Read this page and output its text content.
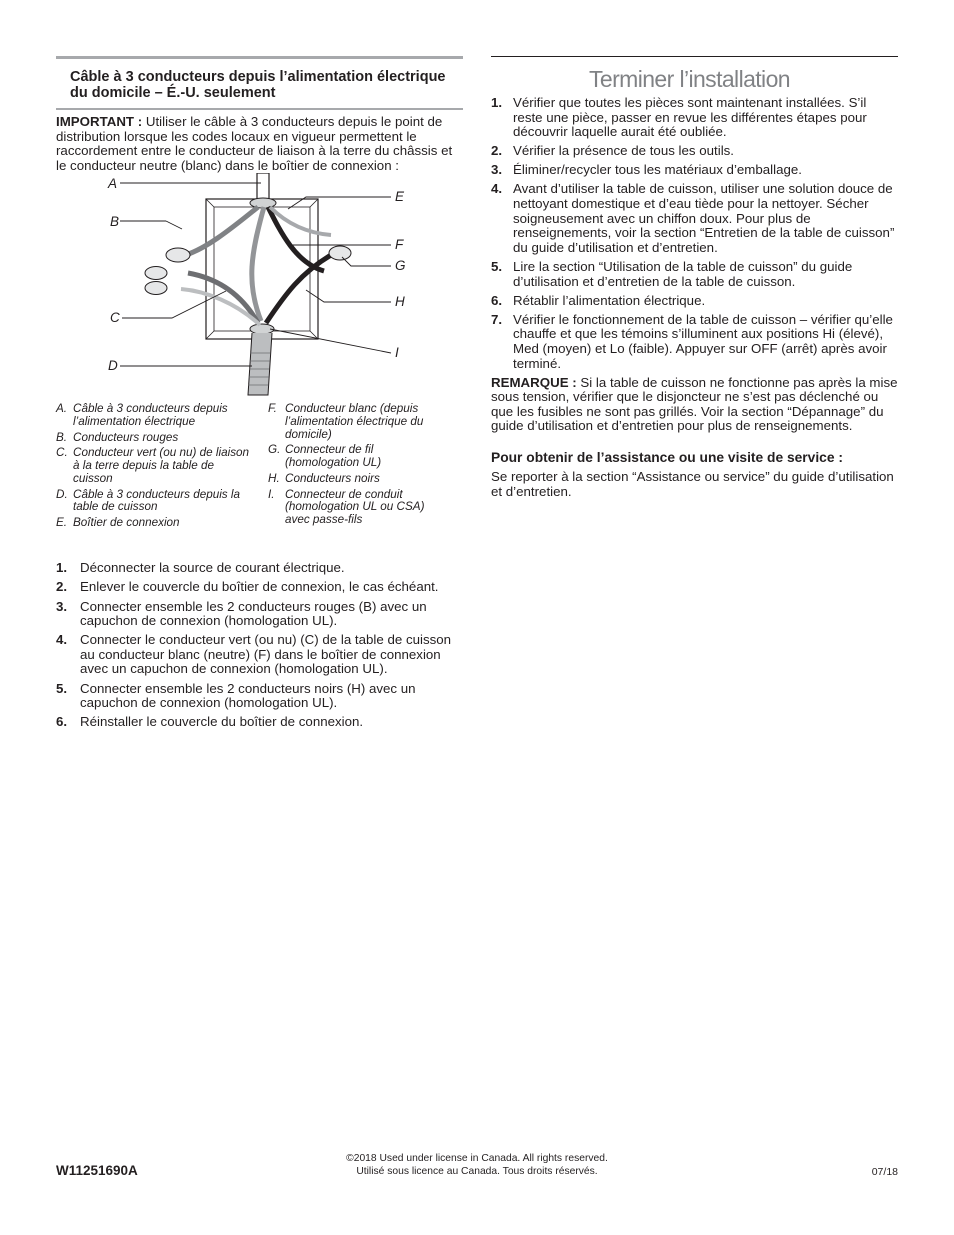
Câble à 3 conducteurs depuis l’alimentation électrique du domicile – É.-U. seulement
IMPORTANT : Utiliser le câble à 3 conducteurs depuis le point de distribution lorsque les codes locaux en vigueur permettent le raccordement entre le conducteur de liaison à la terre du châssis et le conducteur neutre (blanc) dans le boîtier de connexion :
A
B
C
D
E
F
G
H
I
A. Câble à 3 conducteurs depuis l’alimentation électrique
B. Conducteurs rouges
C. Conducteur vert (ou nu) de liaison à la terre depuis la table de cuisson
D. Câble à 3 conducteurs depuis la table de cuisson
E. Boîtier de connexion
F. Conducteur blanc (depuis l’alimentation électrique du domicile)
G. Connecteur de fil (homologation UL)
H. Conducteurs noirs
I. Connecteur de conduit (homologation UL ou CSA) avec passe-fils
1. Déconnecter la source de courant électrique.
2. Enlever le couvercle du boîtier de connexion, le cas échéant.
3. Connecter ensemble les 2 conducteurs rouges (B) avec un capuchon de connexion (homologation UL).
4. Connecter le conducteur vert (ou nu) (C) de la table de cuisson au conducteur blanc (neutre) (F) dans le boîtier de connexion avec un capuchon de connexion (homologation UL).
5. Connecter ensemble les 2 conducteurs noirs (H) avec un capuchon de connexion (homologation UL).
6. Réinstaller le couvercle du boîtier de connexion.
Terminer l’installation
1. Vérifier que toutes les pièces sont maintenant installées. S’il reste une pièce, passer en revue les différentes étapes pour découvrir laquelle aurait été oubliée.
2. Vérifier la présence de tous les outils.
3. Éliminer/recycler tous les matériaux d’emballage.
4. Avant d’utiliser la table de cuisson, utiliser une solution douce de nettoyant domestique et d’eau tiède pour la nettoyer. Sécher soigneusement avec un chiffon doux. Pour plus de renseignements, voir la section “Entretien de la table de cuisson” du guide d’utilisation et d’entretien.
5. Lire la section “Utilisation de la table de cuisson” du guide d’utilisation et d’entretien de la table de cuisson.
6. Rétablir l’alimentation électrique.
7. Vérifier le fonctionnement de la table de cuisson – vérifier qu’elle chauffe et que les témoins s’illuminent aux positions Hi (élevé), Med (moyen) et Lo (faible). Appuyer sur OFF (arrêt) après avoir terminé.
REMARQUE : Si la table de cuisson ne fonctionne pas après la mise sous tension, vérifier que le disjoncteur ne s’est pas déclenché ou que les fusibles ne sont pas grillés. Voir la section “Dépannage” du guide d’utilisation et d’entretien pour plus de renseignements.
Pour obtenir de l’assistance ou une visite de service :
Se reporter à la section “Assistance ou service” du guide d’utilisation et d’entretien.
W11251690A
©2018 Used under license in Canada. All rights reserved.
Utilisé sous licence au Canada. Tous droits réservés.	07/18
